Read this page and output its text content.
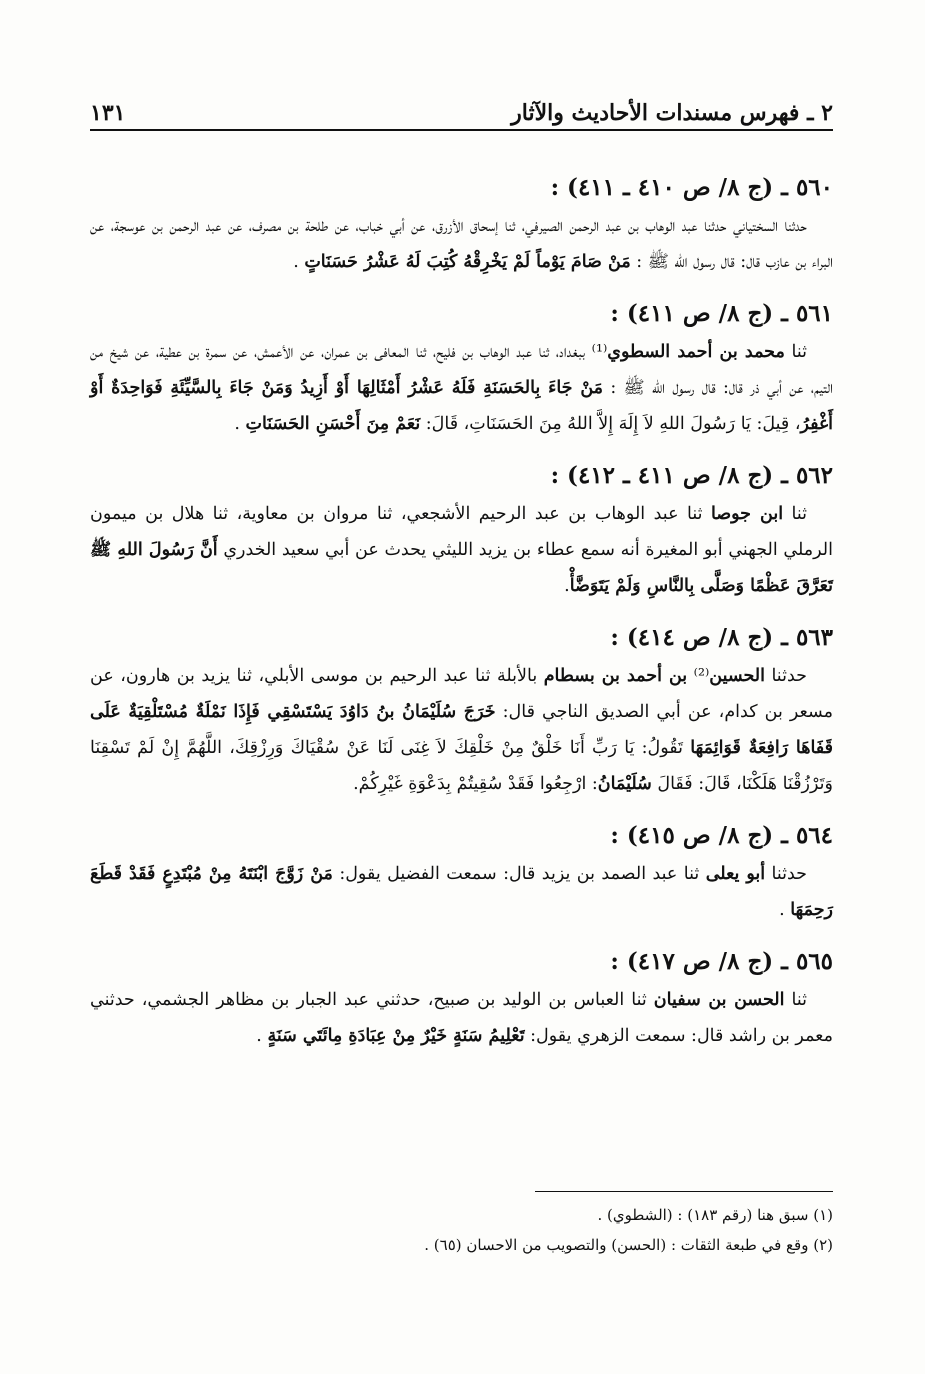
٢ ـ فهرس مسندات الأحاديث والآثار
١٣١

٥٦٠ ـ (ج ٨/ ص ٤١٠ ـ ٤١١) :

حدثنا السختياني حدثنا عبد الوهاب بن عبد الرحمن الصيرفي، ثنا إسحاق الأزرق، عن أبي خباب، عن طلحة بن مصرف، عن عبد الرحمن بن عوسجة، عن البراء بن عازب قال: قال رسول الله ﷺ : مَنْ صَامَ يَوْماً لَمْ يَخْرِقْهُ كُتِبَ لَهُ عَشْرُ حَسَنَاتٍ .

٥٦١ ـ (ج ٨/ ص ٤١١) :

ثنا محمد بن أحمد السطوي⁽¹⁾ ببغداد، ثنا عبد الوهاب بن فليح، ثنا المعافى بن عمران، عن الأعمش، عن سمرة بن عطية، عن شيخ من التيم، عن أبي ذر قال: قال رسول الله ﷺ : مَنْ جَاءَ بِالحَسَنَةِ فَلَهُ عَشْرُ أَمْثَالِهَا أَوْ أَزِيدُ وَمَنْ جَاءَ بِالسَّيِّئَةِ فَوَاحِدَةٌ أَوْ أَغْفِرُ، قِيلَ: يَا رَسُولَ اللهِ لاَ إِلَهَ إِلاَّ اللهُ مِنَ الحَسَنَاتِ، قَالَ: نَعَمْ مِنَ أَحْسَنِ الحَسَنَاتِ .

٥٦٢ ـ (ج ٨/ ص ٤١١ ـ ٤١٢) :

ثنا ابن جوصا ثنا عبد الوهاب بن عبد الرحيم الأشجعي، ثنا مروان بن معاوية، ثنا هلال بن ميمون الرملي الجهني أبو المغيرة أنه سمع عطاء بن يزيد الليثي يحدث عن أبي سعيد الخدري أَنَّ رَسُولَ اللهِ ﷺ تَعَرَّقَ عَظْمًا وَصَلَّى بِالنَّاسِ وَلَمْ يَتَوَضَّأْ.

٥٦٣ ـ (ج ٨/ ص ٤١٤) :

حدثنا الحسين⁽²⁾ بن أحمد بن بسطام بالأبلة ثنا عبد الرحيم بن موسى الأبلي، ثنا يزيد بن هارون، عن مسعر بن كدام، عن أبي الصديق الناجي قال: خَرَجَ سُلَيْمَانُ بنُ دَاوُدَ يَسْتَسْقِي فَإِذَا نَمْلَةٌ مُسْتَلْقِيَةٌ عَلَى قَفَاهَا رَافِعَةٌ قَوَائِمَهَا تَقُولُ: يَا رَبِّ أَنَا خَلْقٌ مِنْ خَلْقِكَ لاَ غِنَى لَنَا عَنْ سُقْيَاكَ وَرِزْقِكَ، اللَّهُمَّ إِنْ لَمْ تَسْقِنَا وَتَرْزُقْنَا هَلَكْنَا، قَالَ: فَقَالَ سُلَيْمَانُ: ارْجِعُوا فَقَدْ سُقِيتُمْ بِدَعْوَةِ غَيْرِكُمْ.

٥٦٤ ـ (ج ٨/ ص ٤١٥) :

حدثنا أبو يعلى ثنا عبد الصمد بن يزيد قال: سمعت الفضيل يقول: مَنْ زَوَّجَ ابْنَتَهُ مِنْ مُبْتَدِعٍ فَقَدْ قَطَعَ رَحِمَهَا .

٥٦٥ ـ (ج ٨/ ص ٤١٧) :

ثنا الحسن بن سفيان ثنا العباس بن الوليد بن صبيح، حدثني عبد الجبار بن مظاهر الجشمي، حدثني معمر بن راشد قال: سمعت الزهري يقول: تَعْلِيمُ سَنَةٍ خَيْرٌ مِنْ عِبَادَةِ مِائَتَي سَنَةٍ .

(١) سبق هنا (رقم ١٨٣) : (الشطوي) .

(٢) وقع في طبعة الثقات : (الحسن) والتصويب من الاحسان (٦٥) .
